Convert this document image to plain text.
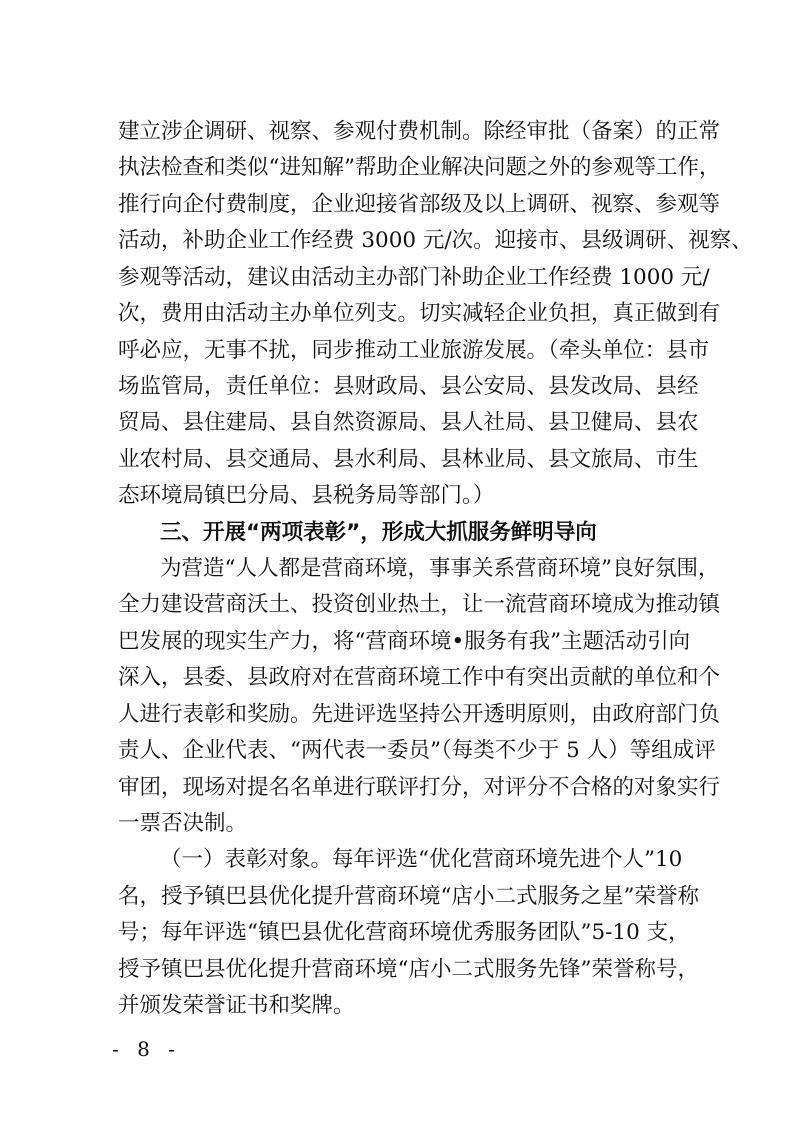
建立涉企调研、视察、参观付费机制。除经审批（备案）的正常
执法检查和类似“进知解”帮助企业解决问题之外的参观等工作，
推行向企付费制度，企业迎接省部级及以上调研、视察、参观等
活动，补助企业工作经费 3000 元/次。迎接市、县级调研、视察、
参观等活动，建议由活动主办部门补助企业工作经费 1000 元/
次，费用由活动主办单位列支。切实减轻企业负担，真正做到有
呼必应，无事不扰，同步推动工业旅游发展。（牵头单位：县市
场监管局，责任单位：县财政局、县公安局、县发改局、县经
贸局、县住建局、县自然资源局、县人社局、县卫健局、县农
业农村局、县交通局、县水利局、县林业局、县文旅局、市生
态环境局镇巴分局、县税务局等部门。）
三、开展“两项表彰”，形成大抓服务鲜明导向
为营造“人人都是营商环境，事事关系营商环境”良好氛围，
全力建设营商沃土、投资创业热土，让一流营商环境成为推动镇
巴发展的现实生产力，将“营商环境•服务有我”主题活动引向
深入，县委、县政府对在营商环境工作中有突出贡献的单位和个
人进行表彰和奖励。先进评选坚持公开透明原则，由政府部门负
责人、企业代表、“两代表一委员”（每类不少于 5 人）等组成评
审团，现场对提名名单进行联评打分，对评分不合格的对象实行
一票否决制。
（一）表彰对象。每年评选“优化营商环境先进个人”10
名，授予镇巴县优化提升营商环境“店小二式服务之星”荣誉称
号；每年评选“镇巴县优化营商环境优秀服务团队”5-10 支，
授予镇巴县优化提升营商环境“店小二式服务先锋”荣誉称号，
并颁发荣誉证书和奖牌。
- 8 -
